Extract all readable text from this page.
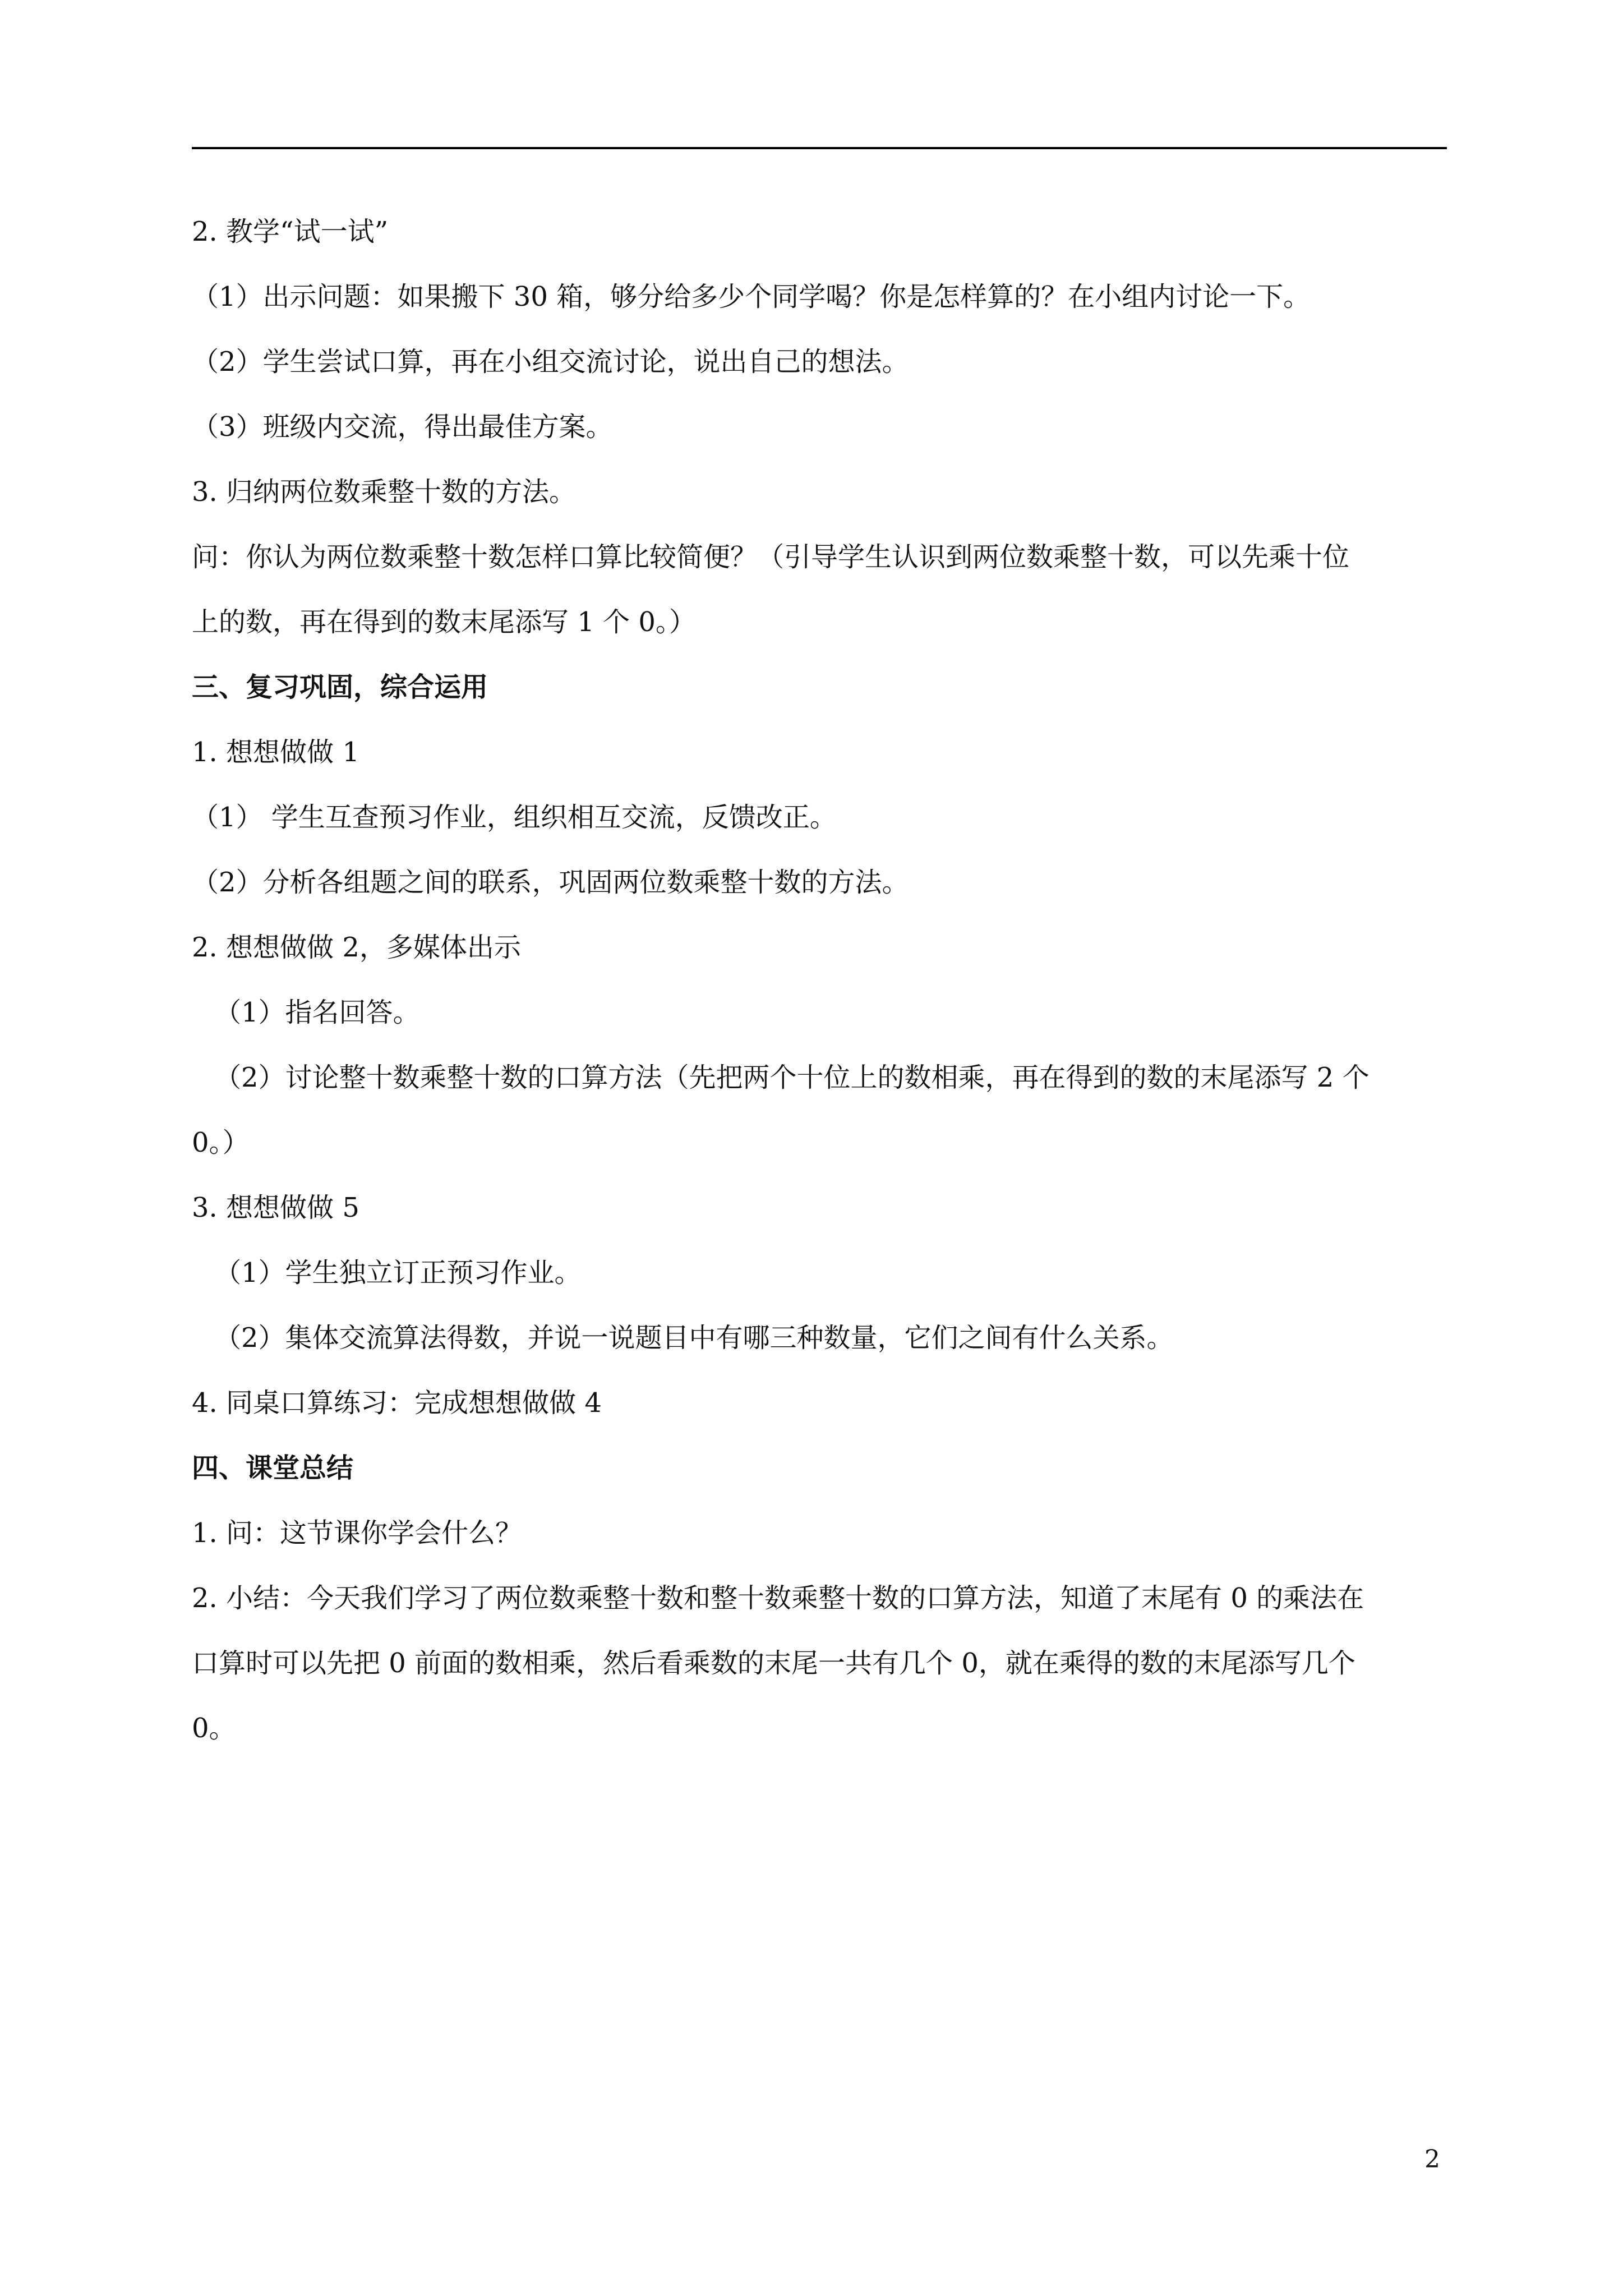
2. 教学“试一试”
（1）出示问题：如果搬下 30 箱，够分给多少个同学喝？你是怎样算的？在小组内讨论一下。
（2）学生尝试口算，再在小组交流讨论，说出自己的想法。
（3）班级内交流，得出最佳方案。
3. 归纳两位数乘整十数的方法。
问：你认为两位数乘整十数怎样口算比较简便？（引导学生认识到两位数乘整十数，可以先乘十位
上的数，再在得到的数末尾添写 1 个 0。）
三、复习巩固，综合运用
1. 想想做做 1
（1） 学生互查预习作业，组织相互交流，反馈改正。
（2）分析各组题之间的联系，巩固两位数乘整十数的方法。
2. 想想做做 2，多媒体出示
（1）指名回答。
（2）讨论整十数乘整十数的口算方法（先把两个十位上的数相乘，再在得到的数的末尾添写 2 个
0。）
3. 想想做做 5
（1）学生独立订正预习作业。
（2）集体交流算法得数，并说一说题目中有哪三种数量，它们之间有什么关系。
4. 同桌口算练习：完成想想做做 4
四、课堂总结
1. 问：这节课你学会什么？
2. 小结：今天我们学习了两位数乘整十数和整十数乘整十数的口算方法，知道了末尾有 0 的乘法在
口算时可以先把 0 前面的数相乘，然后看乘数的末尾一共有几个 0，就在乘得的数的末尾添写几个
0。
2
